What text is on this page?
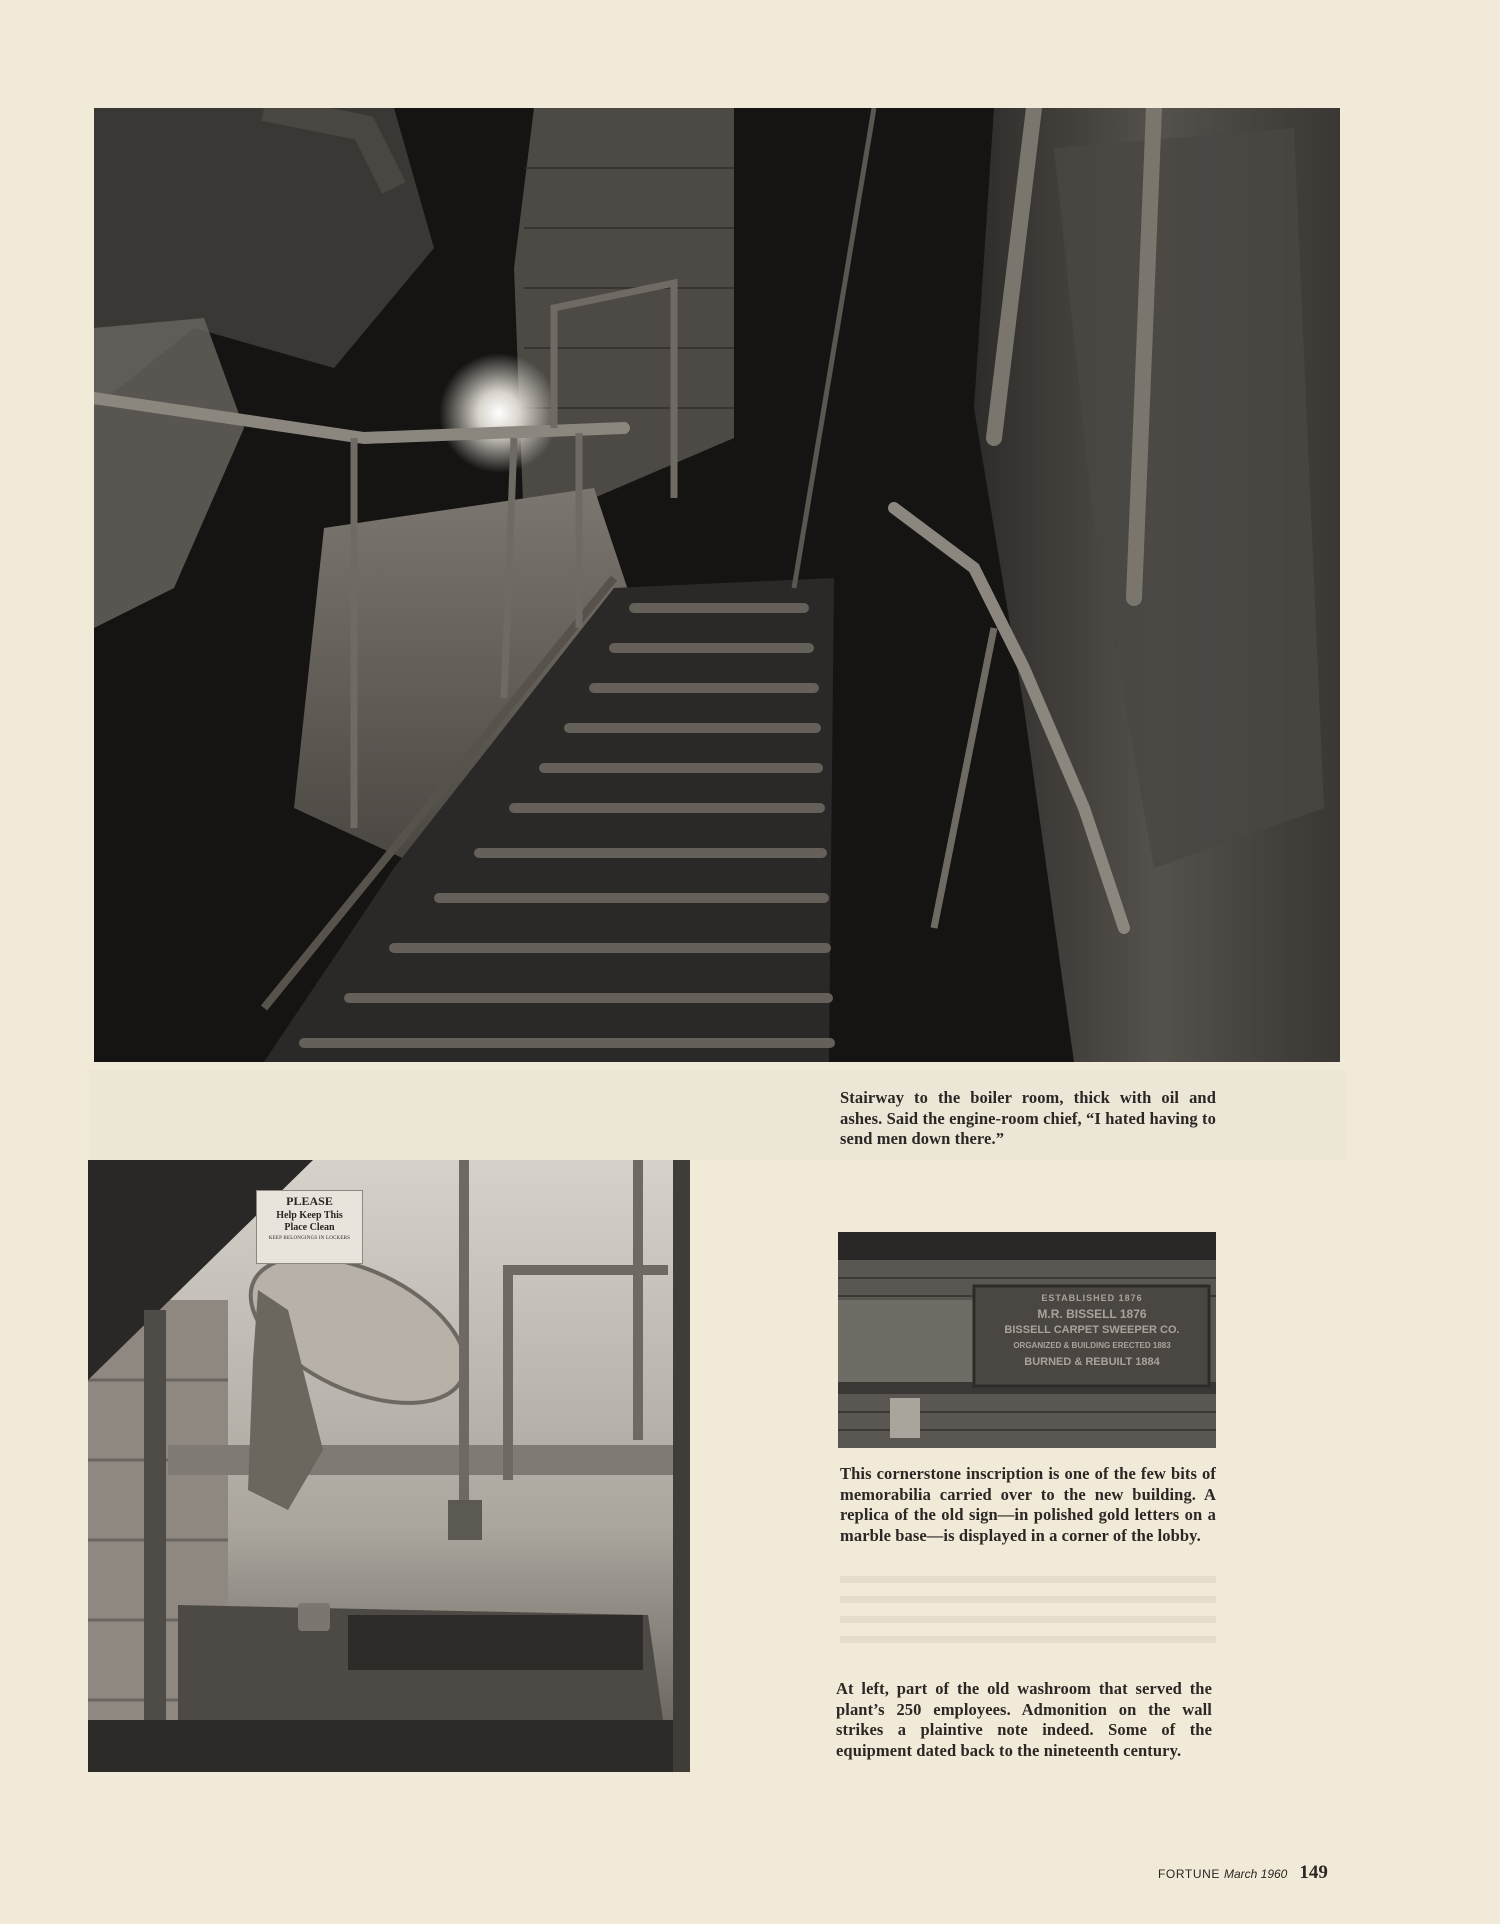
Stairway to the boiler room, thick with oil and ashes. Said the engine-room chief, “I hated having to send men down there.”
PLEASE
Help Keep This
Place Clean
KEEP BELONGINGS IN LOCKERS
ESTABLISHED 1876
M.R. BISSELL 1876
BISSELL CARPET SWEEPER CO.
ORGANIZED & BUILDING ERECTED 1883
BURNED & REBUILT 1884
This cornerstone inscription is one of the few bits of memorabilia carried over to the new building. A replica of the old sign—in polished gold letters on a marble base—is displayed in a corner of the lobby.
At left, part of the old washroom that served the plant’s 250 employees. Admonition on the wall strikes a plaintive note indeed. Some of the equipment dated back to the nineteenth century.
FORTUNE March 1960 149
